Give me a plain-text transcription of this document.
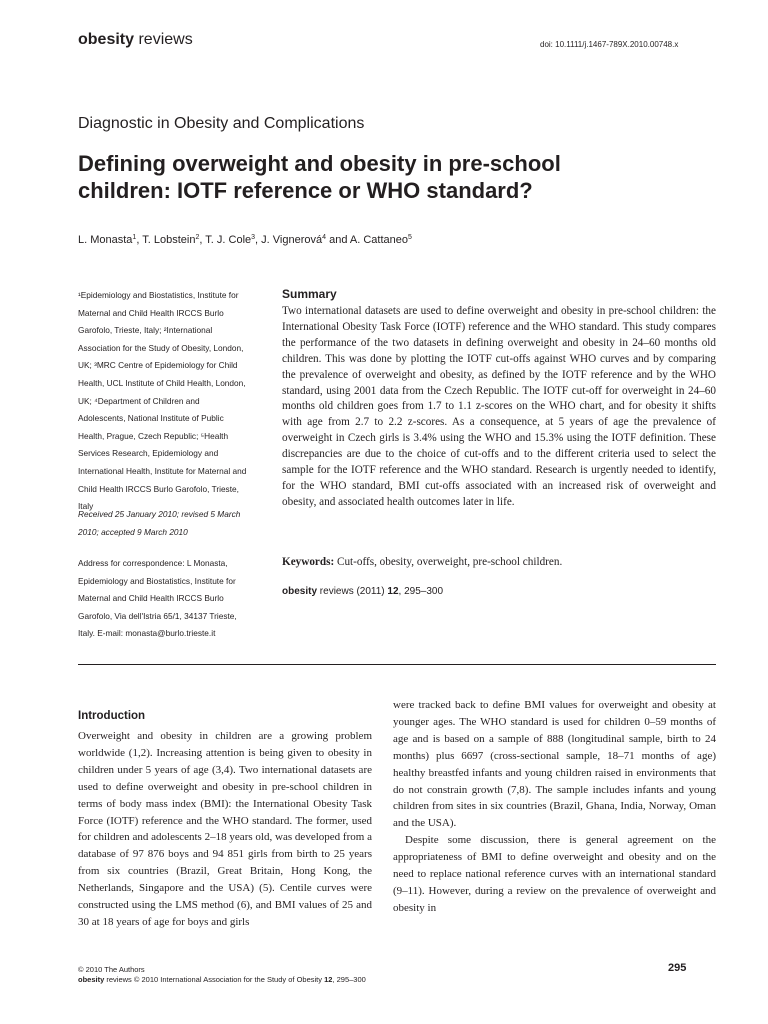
obesity reviews	doi: 10.1111/j.1467-789X.2010.00748.x
Diagnostic in Obesity and Complications
Defining overweight and obesity in pre-school
children: IOTF reference or WHO standard?
L. Monasta$^1$, T. Lobstein$^2$, T. J. Cole$^3$, J. Vignerová$^4$ and A. Cattaneo$^5$
¹Epidemiology and Biostatistics, Institute for
Maternal and Child Health IRCCS Burlo
Garofolo, Trieste, Italy; ²International
Association for the Study of Obesity, London,
UK; ³MRC Centre of Epidemiology for Child
Health, UCL Institute of Child Health, London,
UK; ⁴Department of Children and
Adolescents, National Institute of Public
Health, Prague, Czech Republic; ⁵Health
Services Research, Epidemiology and
International Health, Institute for Maternal and
Child Health IRCCS Burlo Garofolo, Trieste,
Italy
Received 25 January 2010; revised 5 March
2010; accepted 9 March 2010
Address for correspondence: L Monasta,
Epidemiology and Biostatistics, Institute for
Maternal and Child Health IRCCS Burlo
Garofolo, Via dell'Istria 65/1, 34137 Trieste,
Italy. E-mail: monasta@burlo.trieste.it
Summary
Two international datasets are used to define overweight and obesity in pre-school children: the International Obesity Task Force (IOTF) reference and the WHO standard. This study compares the performance of the two datasets in defining overweight and obesity in 24–60 months old children. This was done by plotting the IOTF cut-offs against WHO curves and by comparing the prevalence of overweight and obesity, as defined by the IOTF reference and by the WHO standard, using 2001 data from the Czech Republic. The IOTF cut-off for overweight in 24–60 months old children goes from 1.7 to 1.1 z-scores on the WHO chart, and for obesity it shifts with age from 2.7 to 2.2 z-scores. As a consequence, at 5 years of age the prevalence of overweight in Czech girls is 3.4% using the WHO and 15.3% using the IOTF definition. These discrepancies are due to the choice of cut-offs and to the different criteria used to select the sample for the IOTF reference and the WHO standard. Research is urgently needed to identify, for the WHO standard, BMI cut-offs associated with an increased risk of overweight and obesity, and associated health outcomes later in life.
Keywords: Cut-offs, obesity, overweight, pre-school children.
obesity reviews (2011) 12, 295–300
Introduction

Overweight and obesity in children are a growing problem worldwide (1,2). Increasing attention is being given to obesity in children under 5 years of age (3,4). Two international datasets are used to define overweight and obesity in pre-school children in terms of body mass index (BMI): the International Obesity Task Force (IOTF) reference and the WHO standard. The former, used for children and adolescents 2–18 years old, was developed from a database of 97 876 boys and 94 851 girls from birth to 25 years from six countries (Brazil, Great Britain, Hong Kong, the Netherlands, Singapore and the USA) (5). Centile curves were constructed using the LMS method (6), and BMI values of 25 and 30 at 18 years of age for boys and girls

were tracked back to define BMI values for overweight and obesity at younger ages. The WHO standard is used for children 0–59 months of age and is based on a sample of 888 (longitudinal sample, birth to 24 months) plus 6697 (cross-sectional sample, 18–71 months of age) healthy breastfed infants and young children raised in environments that do not constrain growth (7,8). The sample includes infants and young children from sites in six countries (Brazil, Ghana, India, Norway, Oman and the USA).

Despite some discussion, there is general agreement on the appropriateness of BMI to define overweight and obesity and on the need to replace national reference curves with an international standard (9–11). However, during a review on the prevalence of overweight and obesity in

© 2010 The Authors
obesity reviews © 2010 International Association for the Study of Obesity 12, 295–300
295
